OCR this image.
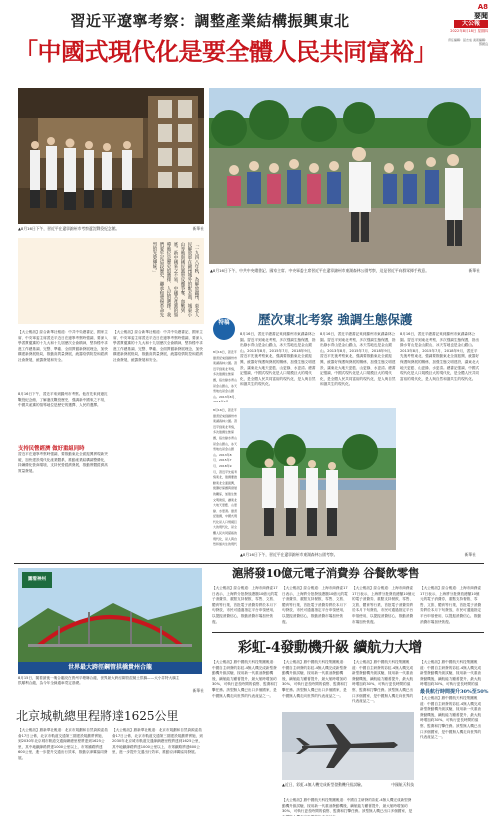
A8
要聞
大公報
2022年8月18日 星期四
責任編輯：屈志成 美術編輯：鄧國良
習近平遼寧考察：調整產業結構振興東北
「中國式現代化是要全體人民共同富裕」
▲8月16日下午，習近平在遼寧錦州市考察遼沈戰役紀念館。	新華社
▲8月16日下午，中共中央總書記、國家主席、中央軍委主席習近平在遼寧錦州市東湖森林公園考察，這是習近平向群眾揮手致意。	新華社
「一九四八年秋，為解放錦州，東北人民解放軍在錦州城外的配水池、城東小山等地與國民黨軍反覆爭奪，血戰到底。新中國來之不易，中國共產黨的領導地位是歷史的選擇、人民的選擇。我們要牢記這段歷史，繼承和發揚革命先烈的光榮傳統。」
【大公報訊】綜合新華社報道：中共中央總書記、國家主席、中央軍委主席習近平近日在遼寧考察時強調，要深入學習貫徹黨的十九大和十九屆歷次全會精神，堅持穩中求進工作總基調，完整、準確、全面貫徹新發展理念，加快構建新發展格局，推動高質量發展，統籌疫情防控和經濟社會發展，統籌發展和安全。
8月16日下午，習近平來到錦州市考察。他首先來到遼沈戰役紀念館，了解遼沈戰役歷史，強調新中國來之不易，中國共產黨的領導地位是歷史的選擇、人民的選擇。
支持民營經濟 做好重組同時
習近平在遼寧考察時強調，要推動東北全面振興實現新突破，加快建設現代化產業體系，推動產業結構調整優化，持續優化營商環境，支持民營經濟發展，推動實體經濟高質量發展。
【大公報訊】綜合新華社報道：中共中央總書記、國家主席、中央軍委主席習近平近日在遼寧考察時強調，要深入學習貫徹黨的十九大和十九屆歷次全會精神，堅持穩中求進工作總基調，完整、準確、全面貫徹新發展理念，加快構建新發展格局，推動高質量發展，統籌疫情防控和經濟社會發展，統籌發展和安全。
特稿	歷次東北考察 強調生態保護
8月16日，習近平總書記來到錦州市東湖森林公園。習近平到東北考察，多次強調生態保護，指出綠水青山是金山銀山，冰天雪地也是金山銀山。2013年8月、2015年7月、2018年9月，習近平先後考察東北，強調要推動東北全面振興，統籌好保護與發展的關係，加強生態文明建設，讓東北大地天更藍、山更綠、水更清。總書記強調，中國式現代化是人口規模巨大的現代化，是全體人民共同富裕的現代化，是人與自然和諧共生的現代化。
8月16日，習近平總書記來到錦州市東湖森林公園。習近平到東北考察，多次強調生態保護，指出綠水青山是金山銀山，冰天雪地也是金山銀山。2013年8月、2015年7月、2018年9月，習近平先後考察東北，強調要推動東北全面振興，統籌好保護與發展的關係，加強生態文明建設，讓東北大地天更藍、山更綠、水更清。總書記強調，中國式現代化是人口規模巨大的現代化，是全體人民共同富裕的現代化，是人與自然和諧共生的現代化。
8月16日，習近平總書記來到錦州市東湖森林公園。習近平到東北考察，多次強調生態保護，指出綠水青山是金山銀山，冰天雪地也是金山銀山。2013年8月、2015年7月、2018年9月，習近平先後考察東北，強調要推動東北全面振興，統籌好保護與發展的關係，加強生態文明建設，讓東北大地天更藍、山更綠、水更清。總書記強調，中國式現代化是人口規模巨大的現代化，是全體人民共同富裕的現代化，是人與自然和諧共生的現代化。
8月16日，習近平總書記來到錦州市東湖森林公園。習近平到東北考察，多次強調生態保護，指出綠水青山是金山銀山，冰天雪地也是金山銀山。2013年8月、
▲8月16日下午，習近平在遼寧錦州市東湖森林公園考察。	新華社
8月16日，習近平總書記來到錦州市東湖森林公園。習近平到東北考察，多次強調生態保護，指出綠水青山是金山銀山，冰天雪地也是金山銀山。2013年8月、2015年7月、2018年9月，習近平先後考察東北，強調要推動東北全面振興，統籌好保護與發展的關係，加強生態文明建設，讓東北大地天更藍、山更綠、水更清。總書記強調，中國式現代化是人口規模巨大的現代化，是全體人民共同富裕的現代化，是人與自然和諧共生的現代
圖看神州
世界最大跨徑鋼管拱橋貴州合龍
8月15日，隨着最後一塊合龍段在貴州平塘縣合龍，世界最大跨徑鋼管混凝土拱橋——大小井特大橋主拱順利合龍，為今年全線通車奠定基礎。
新華社
北京城軌總里程將達1625公里
【大公報訊】據新華社報道：北京市規劃和自然資源委員會17日公佈，北京市軌道交通第三期建設規劃將實施，到2030年北京城市軌道交通線網總里程將達到1625公里，其中地鐵線路將達1000公里以上，市郊鐵路將達600公里，進一步提升交通出行效率，推動京津冀協同發展。
【大公報訊】據新華社報道：北京市規劃和自然資源委員會17日公佈，北京市軌道交通第三期建設規劃將實施，到2030年北京城市軌道交通線網總里程將達到1625公里，其中地鐵線路將達1000公里以上，市郊鐵路將達600公里，進一步提升交通出行效率，推動京津冀協同發展。
滬將發10億元電子消費券 谷餐飲零售
【大公報訊】綜合報道：上海市商務委17日表示，上海將分批發放總額10億元的電子消費券，重點支持餐飲、零售、文旅、體育等行業，首批電子消費券將於本月下旬發放，市民可通過指定平台申領使用，以提振消費信心，推動消費市場加快恢復。
【大公報訊】綜合報道：上海市商務委17日表示，上海將分批發放總額10億元的電子消費券，重點支持餐飲、零售、文旅、體育等行業，首批電子消費券將於本月下旬發放，市民可通過指定平台申領使用，以提振消費信心，推動消費市場加快恢復。
【大公報訊】綜合報道：上海市商務委17日表示，上海將分批發放總額10億元的電子消費券，重點支持餐飲、零售、文旅、體育等行業，首批電子消費券將於本月下旬發放，市民可通過指定平台申領使用，以提振消費信心，推動消費市場加快恢復。
【大公報訊】綜合報道：上海市商務委17日表示，上海將分批發放總額10億元的電子消費券，重點支持餐飲、零售、文旅、體育等行業，首批電子消費券將於本月下旬發放，市民可通過指定平台申領使用，以提振消費信心，推動消費市場加快恢復。
彩虹-4發動機升級 續航力大增
【大公報訊】據中國航天科技集團報道：中國自主研發的彩虹-4無人機完成新型發動機升級試驗，採用新一代重油發動機後，續航能力顯著提升，最大航時增加約30%，可執行更長時間的偵察、監測和打擊任務。該型無人機已出口多個國家，是中國無人機走向世界的代表產品之一。
【大公報訊】據中國航天科技集團報道：中國自主研發的彩虹-4無人機完成新型發動機升級試驗，採用新一代重油發動機後，續航能力顯著提升，最大航時增加約30%，可執行更長時間的偵察、監測和打擊任務。該型無人機已出口多個國家，是中國無人機走向世界的代表產品之一。
【大公報訊】據中國航天科技集團報道：中國自主研發的彩虹-4無人機完成新型發動機升級試驗，採用新一代重油發動機後，續航能力顯著提升，最大航時增加約30%，可執行更長時間的偵察、監測和打擊任務。該型無人機已出口多個國家，是中國無人機走向世界的代表產品之一。
【大公報訊】據中國航天科技集團報道：中國自主研發的彩虹-4無人機完成新型發動機升級試驗，採用新一代重油發動機後，續航能力顯著提升，最大航時增加約30%，可執行更長時間的偵
最長航行時間提升30%至50%
【大公報訊】據中國航天科技集團報道：中國自主研發的彩虹-4無人機完成新型發動機升級試驗，採用新一代重油發動機後，續航能力顯著提升，最大航時增加約30%，可執行更長時間的偵察、監測和打擊任務。該型無人機已出口多個國家，是中國無人機走向世界的代表產品之一。
▲近日，彩虹-4無人機完成新型發動機升級試驗。	中國航天科技
【大公報訊】據中國航天科技集團報道：中國自主研發的彩虹-4無人機完成新型發動機升級試驗，採用新一代重油發動機後，續航能力顯著提升，最大航時增加約30%，可執行更長時間的偵察、監測和打擊任務。該型無人機已出口多個國家，是
